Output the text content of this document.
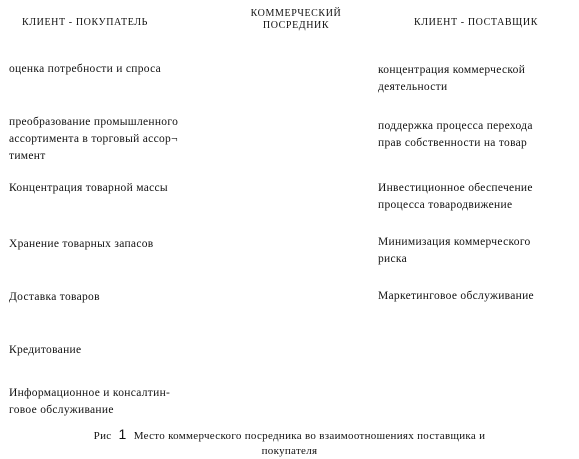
КЛИЕНТ - ПОКУПАТЕЛЬ
КОММЕРЧЕСКИЙ
ПОСРЕДНИК	КЛИЕНТ - ПОСТАВЩИК
оценка потребности и спроса
преобразование промышленного
ассортимента в торговый ассор¬
тимент
Концентрация товарной массы
Хранение товарных запасов
Доставка товаров
Кредитование
Информационное и консалтин‑
говое обслуживание
концентрация коммерческой
деятельности
поддержка процесса перехода
прав собственности на товар
Инвестиционное обеспечение
процесса товародвижение
Минимизация коммерческого
риска
Маркетинговое обслуживание
Рис 1 Место коммерческого посредника во взаимоотношениях поставщика и
покупателя
